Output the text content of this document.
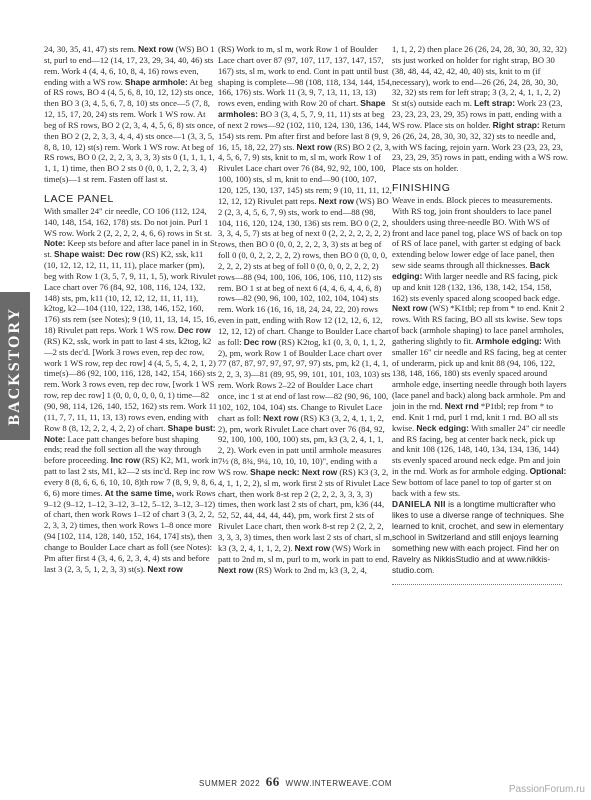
BACKSTORY

24, 30, 35, 41, 47) sts rem. Next row (WS) BO 1 st, purl to end—12 (14, 17, 23, 29, 34, 40, 46) sts rem. Work 4 (4, 4, 6, 10, 8, 4, 16) rows even, ending with a WS row. Shape armhole: At beg of RS rows, BO 4 (4, 5, 6, 8, 10, 12, 12) sts once, then BO 3 (3, 4, 5, 6, 7, 8, 10) sts once—5 (7, 8, 12, 15, 17, 20, 24) sts rem. Work 1 WS row. At beg of RS rows, BO 2 (2, 3, 4, 4, 5, 6, 8) sts once, then BO 2 (2, 2, 3, 3, 4, 4, 4) sts once—1 (3, 3, 5, 8, 8, 10, 12) st(s) rem. Work 1 WS row. At beg of RS rows, BO 0 (2, 2, 2, 3, 3, 3, 3) sts 0 (1, 1, 1, 1, 1, 1, 1) time, then BO 2 sts 0 (0, 0, 1, 2, 2, 3, 4) time(s)—1 st rem. Fasten off last st.

LACE PANEL

With smaller 24" cir needle, CO 106 (112, 124, 140, 148, 154, 162, 178) sts. Do not join. Purl 1 WS row. Work 2 (2, 2, 2, 2, 4, 6, 6) rows in St st. Note: Keep sts before and after lace panel in in St st. Shape waist: Dec row (RS) K2, ssk, k11 (10, 12, 12, 12, 11, 11, 11), place marker (pm), beg with Row 1 (3, 5, 7, 9, 11, 1, 5), work Rivulet Lace chart over 76 (84, 92, 108, 116, 124, 132, 148) sts, pm, k11 (10, 12, 12, 12, 11, 11, 11), k2tog, k2—104 (110, 122, 138, 146, 152, 160, 176) sts rem (see Notes); 9 (10, 11, 13, 14, 15, 16, 18) Rivulet patt reps. Work 1 WS row. Dec row (RS) K2, ssk, work in patt to last 4 sts, k2tog, k2—2 sts dec'd. [Work 3 rows even, rep dec row, work 1 WS row, rep dec row] 4 (4, 5, 5, 4, 2, 1, 2) time(s)—86 (92, 100, 116, 128, 142, 154, 166) sts rem. Work 3 rows even, rep dec row, [work 1 WS row, rep dec row] 1 (0, 0, 0, 0, 0, 0, 1) time—82 (90, 98, 114, 126, 140, 152, 162) sts rem. Work 11 (11, 7, 7, 11, 11, 13, 13) rows even, ending with Row 8 (8, 12, 2, 2, 4, 2, 2) of chart. Shape bust: Note: Lace patt changes before bust shaping ends; read the foll section all the way through before proceeding. Inc row (RS) K2, M1, work in patt to last 2 sts, M1, k2—2 sts inc'd. Rep inc row every 8 (8, 6, 6, 6, 10, 10, 8)th row 7 (8, 9, 9, 8, 6, 6, 6) more times. At the same time, work Rows 9–12 (9–12, 1–12, 3–12, 3–12, 5–12, 3–12, 3–12) of chart, then work Rows 1–12 of chart 3 (3, 2, 2, 2, 3, 3, 2) times, then work Rows 1–8 once more (94 [102, 114, 128, 140, 152, 164, 174] sts), then change to Boulder Lace chart as foll (see Notes): Pm after first 4 (3, 4, 6, 2, 3, 4, 4) sts and before last 3 (2, 3, 5, 1, 2, 3, 3) st(s). Next row

(RS) Work to m, sl m, work Row 1 of Boulder Lace chart over 87 (97, 107, 117, 137, 147, 157, 167) sts, sl m, work to end. Cont in patt until bust shaping is complete—98 (108, 118, 134, 144, 154, 166, 176) sts. Work 11 (3, 9, 7, 13, 11, 13, 13) rows even, ending with Row 20 of chart. Shape armholes: BO 3 (3, 4, 5, 7, 9, 11, 11) sts at beg of next 2 rows—92 (102, 110, 124, 130, 136, 144, 154) sts rem. Pm after first and before last 8 (9, 9, 16, 15, 18, 22, 27) sts. Next row (RS) BO 2 (2, 3, 4, 5, 6, 7, 9) sts, knit to m, sl m, work Row 1 of Rivulet Lace chart over 76 (84, 92, 92, 100, 100, 100, 100) sts, sl m, knit to end—90 (100, 107, 120, 125, 130, 137, 145) sts rem; 9 (10, 11, 11, 12, 12, 12, 12) Rivulet patt reps. Next row (WS) BO 2 (2, 3, 4, 5, 6, 7, 9) sts, work to end—88 (98, 104, 116, 120, 124, 130, 136) sts rem. BO 0 (2, 2, 3, 3, 4, 5, 7) sts at beg of next 0 (2, 2, 2, 2, 2, 2, 2) rows, then BO 0 (0, 0, 2, 2, 2, 3, 3) sts at beg of foll 0 (0, 0, 2, 2, 2, 2, 2) rows, then BO 0 (0, 0, 0, 2, 2, 2, 2) sts at beg of foll 0 (0, 0, 0, 2, 2, 2, 2) rows—88 (94, 100, 106, 106, 106, 110, 112) sts rem. BO 1 st at beg of next 6 (4, 4, 6, 4, 4, 6, 8) rows—82 (90, 96, 100, 102, 102, 104, 104) sts rem. Work 16 (16, 16, 18, 24, 24, 22, 20) rows even in patt, ending with Row 12 (12, 12, 6, 12, 12, 12, 12) of chart. Change to Boulder Lace chart as foll: Dec row (RS) K2tog, k1 (0, 3, 0, 1, 1, 2, 2), pm, work Row 1 of Boulder Lace chart over 77 (87, 87, 97, 97, 97, 97, 97) sts, pm, k2 (1, 4, 1, 2, 2, 3, 3)—81 (89, 95, 99, 101, 101, 103, 103) sts rem. Work Rows 2–22 of Boulder Lace chart once, inc 1 st at end of last row—82 (90, 96, 100, 102, 102, 104, 104) sts. Change to Rivulet Lace chart as foll: Next row (RS) K3 (3, 2, 4, 1, 1, 2, 2), pm, work Rivulet Lace chart over 76 (84, 92, 92, 100, 100, 100, 100) sts, pm, k3 (3, 2, 4, 1, 1, 2, 2). Work even in patt until armhole measures 7½ (8, 8¾, 9¼, 10, 10, 10, 10)", ending with a WS row. Shape neck: Next row (RS) K3 (3, 2, 4, 1, 1, 2, 2), sl m, work first 2 sts of Rivulet Lace chart, then work 8-st rep 2 (2, 2, 2, 3, 3, 3, 3) times, then work last 2 sts of chart, pm, k36 (44, 52, 52, 44, 44, 44, 44), pm, work first 2 sts of Rivulet Lace chart, then work 8-st rep 2 (2, 2, 2, 3, 3, 3, 3) times, then work last 2 sts of chart, sl m, k3 (3, 2, 4, 1, 1, 2, 2). Next row (WS) Work in patt to 2nd m, sl m, purl to m, work in patt to end. Next row (RS) Work to 2nd m, k3 (3, 2, 4,

1, 1, 2, 2) then place 26 (26, 24, 28, 30, 30, 32, 32) sts just worked on holder for right strap, BO 30 (38, 48, 44, 42, 42, 40, 40) sts, knit to m (if necessary), work to end—26 (26, 24, 28, 30, 30, 32, 32) sts rem for left strap; 3 (3, 2, 4, 1, 1, 2, 2) St st(s) outside each m. Left strap: Work 23 (23, 23, 23, 23, 23, 29, 35) rows in patt, ending with a WS row. Place sts on holder. Right strap: Return 26 (26, 24, 28, 30, 30, 32, 32) sts to needle and, with WS facing, rejoin yarn. Work 23 (23, 23, 23, 23, 23, 29, 35) rows in patt, ending with a WS row. Place sts on holder.

FINISHING

Weave in ends. Block pieces to measurements. With RS tog, join front shoulders to lace panel shoulders using three-needle BO. With WS of front and lace panel tog, place WS of back on top of RS of lace panel, with garter st edging of back extending below lower edge of lace panel, then sew side seams through all thicknesses. Back edging: With larger needle and RS facing, pick up and knit 128 (132, 136, 138, 142, 154, 158, 162) sts evenly spaced along scooped back edge. Next row (WS) *K1tbl; rep from * to end. Knit 2 rows. With RS facing, BO all sts kwise. Sew tops of back (armhole shaping) to lace panel armholes, gathering slightly to fit. Armhole edging: With smaller 16" cir needle and RS facing, beg at center of underarm, pick up and knit 88 (94, 106, 122, 138, 148, 166, 180) sts evenly spaced around armhole edge, inserting needle through both layers (lace panel and back) along back armhole. Pm and join in the rnd. Next rnd *P1tbl; rep from * to end. Knit 1 rnd, purl 1 rnd, knit 1 rnd. BO all sts kwise. Neck edging: With smaller 24" cir needle and RS facing, beg at center back neck, pick up and knit 108 (126, 148, 140, 134, 134, 136, 144) sts evenly spaced around neck edge. Pm and join in the rnd. Work as for armhole edging. Optional: Sew bottom of lace panel to top of garter st on back with a few sts.

DANIELA NII is a longtime multicrafter who likes to use a diverse range of techniques. She learned to knit, crochet, and sew in elementary school in Switzerland and still enjoys learning something new with each project. Find her on Ravelry as NikkisStudio and at www.nikkis-studio.com.

SUMMER 2022 66 WWW.INTERWEAVE.COM
PassionForum.ru
